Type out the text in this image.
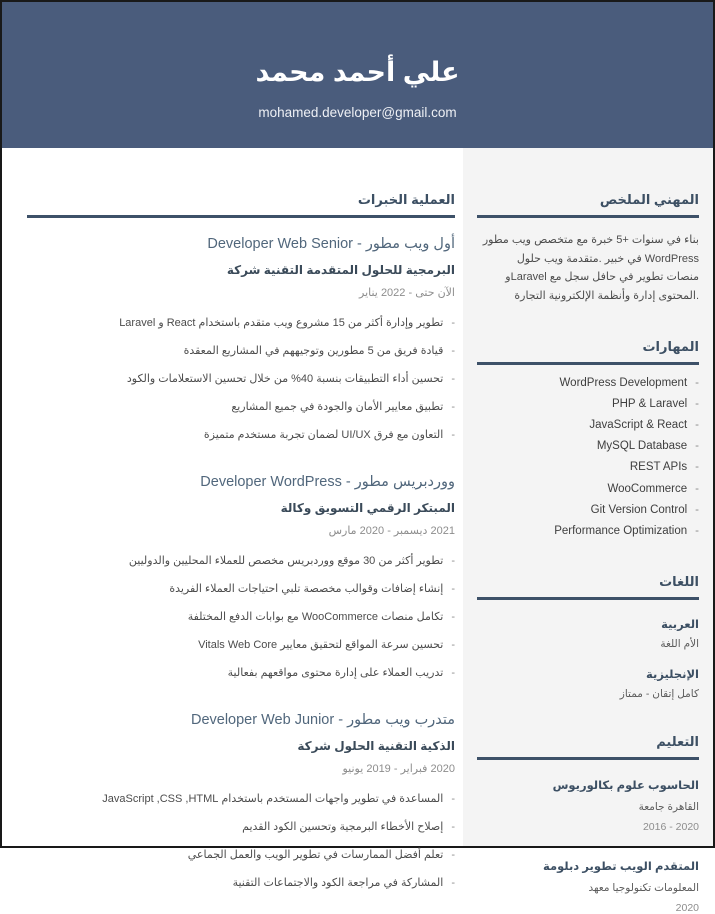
محمد أحمد علي
mohamed.developer@gmail.com
الخبرات العملية
Developer Web Senior - مطور ويب أول
شركة التقنية المتقدمة للحلول البرمجية
يناير 2022 - حتى الآن
-تطوير وإدارة أكثر من 15 مشروع ويب متقدم باستخدام React و Laravel
-قيادة فريق من 5 مطورين وتوجيههم في المشاريع المعقدة
-تحسين أداء التطبيقات بنسبة 40% من خلال تحسين الاستعلامات والكود
-تطبيق معايير الأمان والجودة في جميع المشاريع
-التعاون مع فرق UI/UX لضمان تجربة مستخدم متميزة
Developer WordPress - مطور ووردبريس
وكالة التسويق الرقمي المبتكر
مارس 2020 - ديسمبر 2021
-تطوير أكثر من 30 موقع ووردبريس مخصص للعملاء المحليين والدوليين
-إنشاء إضافات وقوالب مخصصة تلبي احتياجات العملاء الفريدة
-تكامل منصات WooCommerce مع بوابات الدفع المختلفة
-تحسين سرعة المواقع لتحقيق معايير Vitals Web Core
-تدريب العملاء على إدارة محتوى مواقعهم بفعالية
Developer Web Junior - مطور ويب متدرب
شركة الحلول التقنية الذكية
يونيو 2019 - فبراير 2020
-المساعدة في تطوير واجهات المستخدم باستخدام JavaScript ,CSS ,HTML
-إصلاح الأخطاء البرمجية وتحسين الكود القديم
-تعلم أفضل الممارسات في تطوير الويب والعمل الجماعي
-المشاركة في مراجعة الكود والاجتماعات التقنية
الملخص المهني
مطور ويب متخصص مع خبرة 5+ سنوات في بناء حلول ويب متقدمة. خبير في WordPress وLaravel مع سجل حافل في تطوير منصات التجارة الإلكترونية وأنظمة إدارة المحتوى.
المهارات
-WordPress Development
-PHP & Laravel
-JavaScript & React
-MySQL Database
-REST APIs
-WooCommerce
-Git Version Control
-Performance Optimization
اللغات
العربية
اللغة الأم
الإنجليزية
ممتاز - إتقان كامل
التعليم
بكالوريوس علوم الحاسوب
جامعة القاهرة
2016 - 2020
دبلومة تطوير الويب المتقدم
معهد تكنولوجيا المعلومات
2020
